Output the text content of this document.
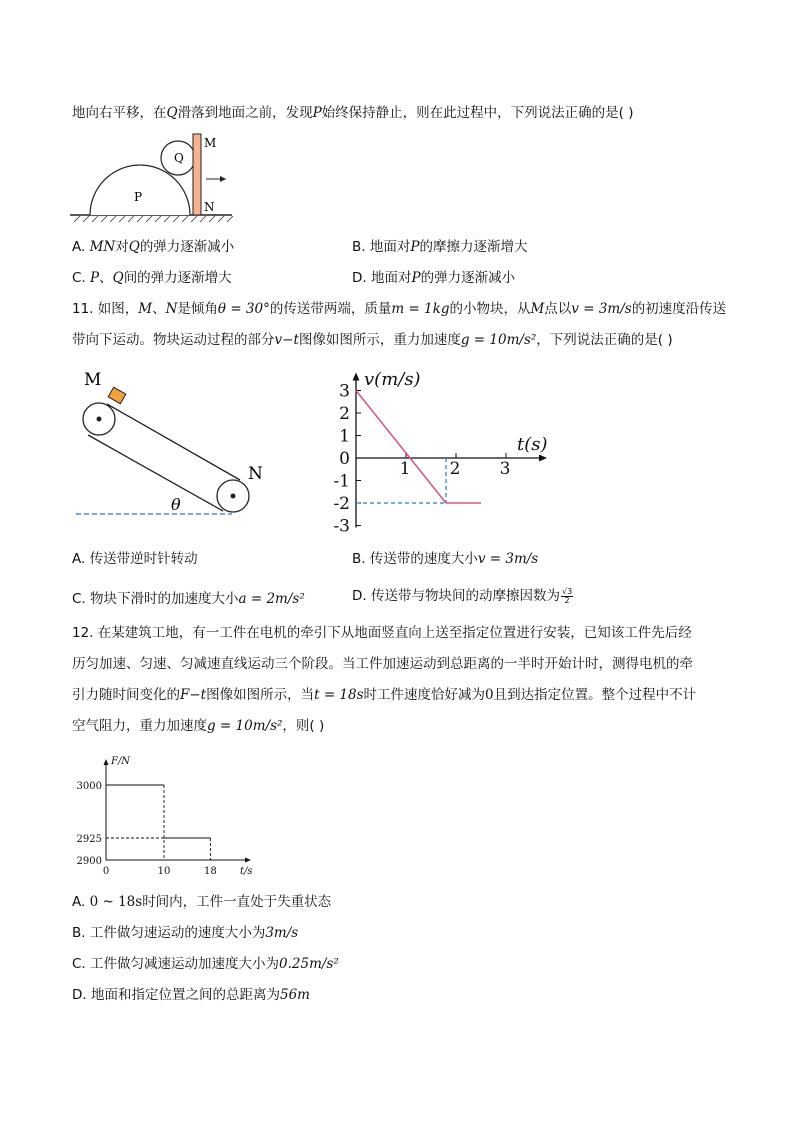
地向右平移，在Q滑落到地面之前，发现P始终保持静止，则在此过程中，下列说法正确的是( )
P
Q
M
N
A. MN对Q的弹力逐渐减小	B. 地面对P的摩擦力逐渐增大
C. P、Q间的弹力逐渐增大	D. 地面对P的弹力逐渐减小
11. 如图，M、N是倾角θ = 30°的传送带两端，质量m = 1kg的小物块，从M点以v = 3m/s的初速度沿传送
带向下运动。物块运动过程的部分v−t图像如图所示，重力加速度g = 10m/s²，下列说法正确的是( )
M
N
θ
3
2
1
0
-1
-2
-3
1 2 3
v(m/s)
t(s)
A. 传送带逆时针转动	B. 传送带的速度大小v = 3m/s
C. 物块下滑时的加速度大小a = 2m/s²	D. 传送带与物块间的动摩擦因数为 $\frac{√3}{2}$
12. 在某建筑工地，有一工件在电机的牵引下从地面竖直向上送至指定位置进行安装，已知该工件先后经
历匀加速、匀速、匀减速直线运动三个阶段。当工件加速运动到总距离的一半时开始计时，测得电机的牵
引力随时间变化的F−t图像如图所示，当t = 18s时工件速度恰好减为0且到达指定位置。整个过程中不计
空气阻力，重力加速度g = 10m/s²，则( )
3000
2925
2900
0	10	18
F/N
t/s
A. 0 ~ 18s时间内，工件一直处于失重状态
B. 工件做匀速运动的速度大小为3m/s
C. 工件做匀减速运动加速度大小为0.25m/s²
D. 地面和指定位置之间的总距离为56m
